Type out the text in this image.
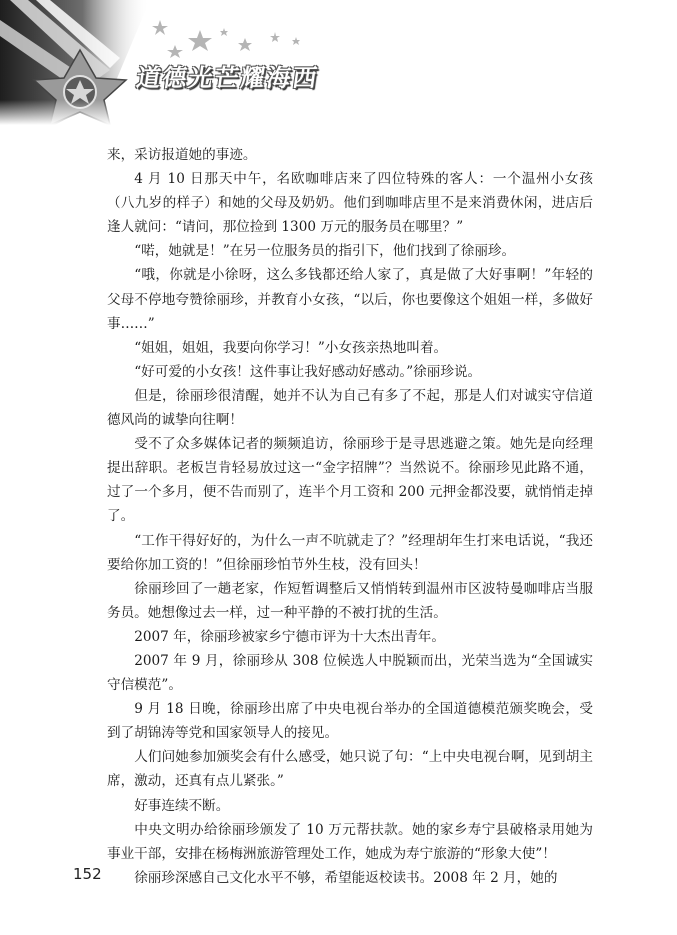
道德光芒耀海西

来，采访报道她的事迹。

4 月 10 日那天中午，名欧咖啡店来了四位特殊的客人：一个温州小女孩（八九岁的样子）和她的父母及奶奶。他们到咖啡店里不是来消费休闲，进店后逢人就问：“请问，那位捡到 1300 万元的服务员在哪里？”

“喏，她就是！”在另一位服务员的指引下，他们找到了徐丽珍。

“哦，你就是小徐呀，这么多钱都还给人家了，真是做了大好事啊！”年轻的父母不停地夸赞徐丽珍，并教育小女孩，“以后，你也要像这个姐姐一样，多做好事……”

“姐姐，姐姐，我要向你学习！”小女孩亲热地叫着。

“好可爱的小女孩！这件事让我好感动好感动。”徐丽珍说。

但是，徐丽珍很清醒，她并不认为自己有多了不起，那是人们对诚实守信道德风尚的诚挚向往啊！

受不了众多媒体记者的频频追访，徐丽珍于是寻思逃避之策。她先是向经理提出辞职。老板岂肯轻易放过这一“金字招牌”？当然说不。徐丽珍见此路不通，过了一个多月，便不告而别了，连半个月工资和 200 元押金都没要，就悄悄走掉了。

“工作干得好好的，为什么一声不吭就走了？”经理胡年生打来电话说，“我还要给你加工资的！”但徐丽珍怕节外生枝，没有回头！

徐丽珍回了一趟老家，作短暂调整后又悄悄转到温州市区波特曼咖啡店当服务员。她想像过去一样，过一种平静的不被打扰的生活。

2007 年，徐丽珍被家乡宁德市评为十大杰出青年。

2007 年 9 月，徐丽珍从 308 位候选人中脱颖而出，光荣当选为“全国诚实守信模范”。

9 月 18 日晚，徐丽珍出席了中央电视台举办的全国道德模范颁奖晚会，受到了胡锦涛等党和国家领导人的接见。

人们问她参加颁奖会有什么感受，她只说了句：“上中央电视台啊，见到胡主席，激动，还真有点儿紧张。”

好事连续不断。

中央文明办给徐丽珍颁发了 10 万元帮扶款。她的家乡寿宁县破格录用她为事业干部，安排在杨梅洲旅游管理处工作，她成为寿宁旅游的“形象大使”！

徐丽珍深感自己文化水平不够，希望能返校读书。2008 年 2 月，她的

152
